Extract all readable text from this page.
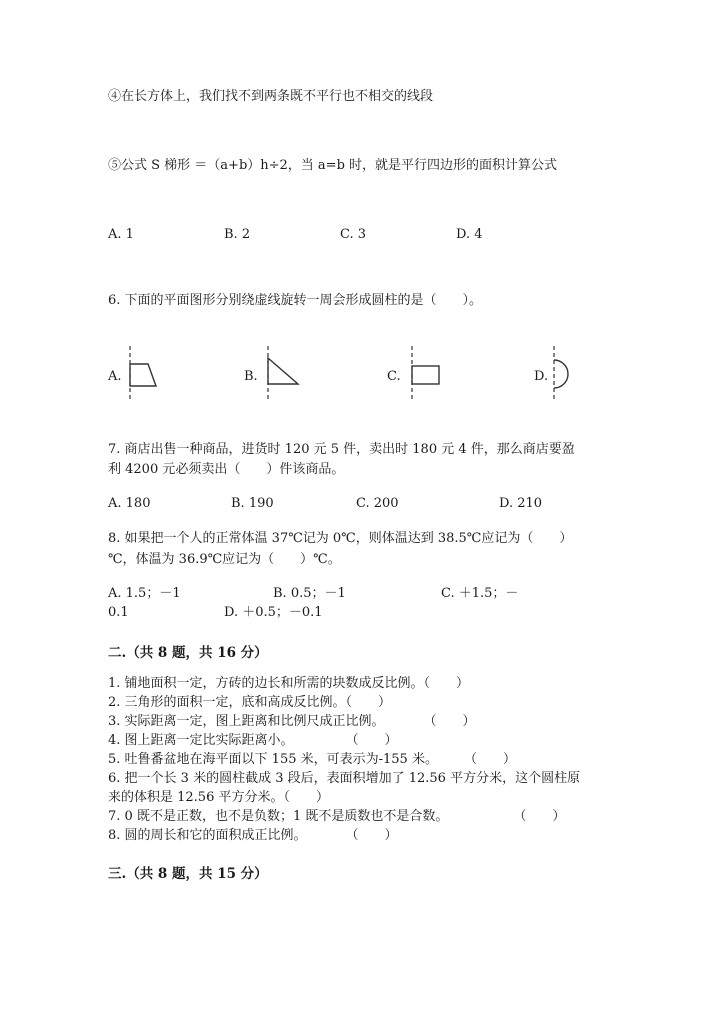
④在长方体上，我们找不到两条既不平行也不相交的线段
⑤公式 S 梯形 ＝（a+b）h÷2，当 a=b 时，就是平行四边形的面积计算公式
A. 1	B. 2	C. 3	D. 4
6. 下面的平面图形分别绕虚线旋转一周会形成圆柱的是（　　）。
A.	B.	C.	D.
7. 商店出售一种商品，进货时 120 元 5 件，卖出时 180 元 4 件，那么商店要盈
利 4200 元必须卖出（　　）件该商品。
A. 180	B. 190	C. 200	D. 210
8. 如果把一个人的正常体温 37℃记为 0℃，则体温达到 38.5℃应记为（　　）
℃，体温为 36.9℃应记为（　　）℃。
A. 1.5；－1	B. 0.5；－1	C. ＋1.5；－
0.1	D. ＋0.5；－0.1
二.（共 8 题，共 16 分）
1. 铺地面积一定，方砖的边长和所需的块数成反比例。（　　）
2. 三角形的面积一定，底和高成反比例。（　　）
3. 实际距离一定，图上距离和比例尺成正比例。　　　　（　　）
4. 图上距离一定比实际距离小。　　　　　（　　）
5. 吐鲁番盆地在海平面以下 155 米，可表示为-155 米。　　　（　　）
6. 把一个长 3 米的圆柱截成 3 段后，表面积增加了 12.56 平方分米，这个圆柱原
来的体积是 12.56 平方分米。（　　）
7. 0 既不是正数，也不是负数；1 既不是质数也不是合数。　　　　　　（　　）
8. 圆的周长和它的面积成正比例。　　　　（　　）
三.（共 8 题，共 15 分）
